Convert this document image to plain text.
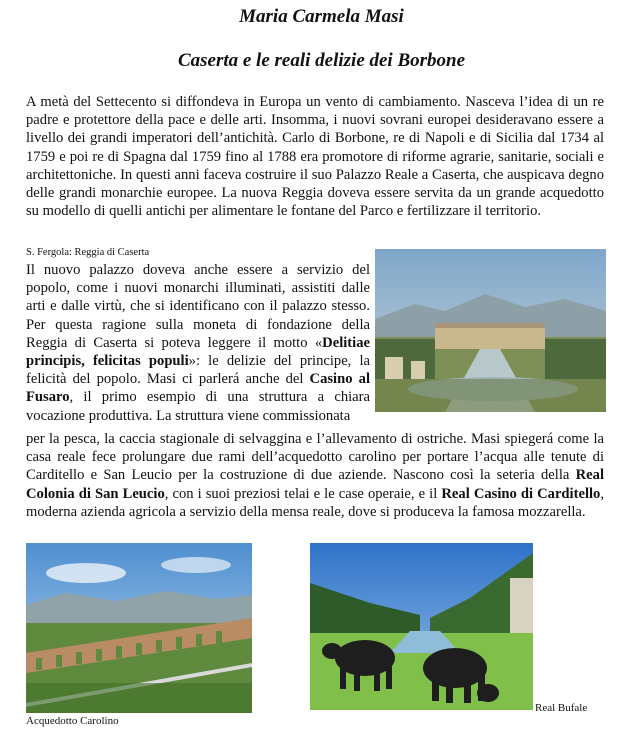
Maria Carmela Masi
Caserta e le reali delizie dei Borbone
A metà del Settecento si diffondeva in Europa un vento di cambiamento. Nasceva l’idea di un re padre e protettore della pace e delle arti. Insomma, i nuovi sovrani europei desideravano essere a livello dei grandi imperatori dell’antichità. Carlo di Borbone, re di Napoli e di Sicilia dal 1734 al 1759 e poi re di Spagna dal 1759 fino al 1788 era promotore di riforme agrarie, sanitarie, sociali e architettoniche. In questi anni faceva costruire il suo Palazzo Reale a Caserta, che auspicava degno delle grandi monarchie europee. La nuova Reggia doveva essere servita da un grande acquedotto su modello di quelli antichi per alimentare le fontane del Parco e fertilizzare il territorio.
S. Fergola: Reggia di Caserta
Il nuovo palazzo doveva anche essere a servizio del popolo, come i nuovi monarchi illuminati, assistiti dalle arti e dalle virtù, che si identificano con il palazzo stesso. Per questa ragione sulla moneta di fondazione della Reggia di Caserta si poteva leggere il motto «Delitiae principis, felicitas populi»: le delizie del principe, la felicità del popolo. Masi ci parlerá anche del Casino al Fusaro, il primo esempio di una struttura a chiara vocazione produttiva. La struttura viene commissionata
per la pesca, la caccia stagionale di selvaggina e l’allevamento di ostriche. Masi spiegerá come la casa reale fece prolungare due rami dell’acquedotto carolino per portare l’acqua alle tenute di Carditello e San Leucio per la costruzione di due aziende. Nascono così la seteria della Real Colonia di San Leucio, con i suoi preziosi telai e le case operaie, e il Real Casino di Carditello, moderna azienda agricola a servizio della mensa reale, dove si produceva la famosa mozzarella.
Acquedotto Carolino
Real Bufale
